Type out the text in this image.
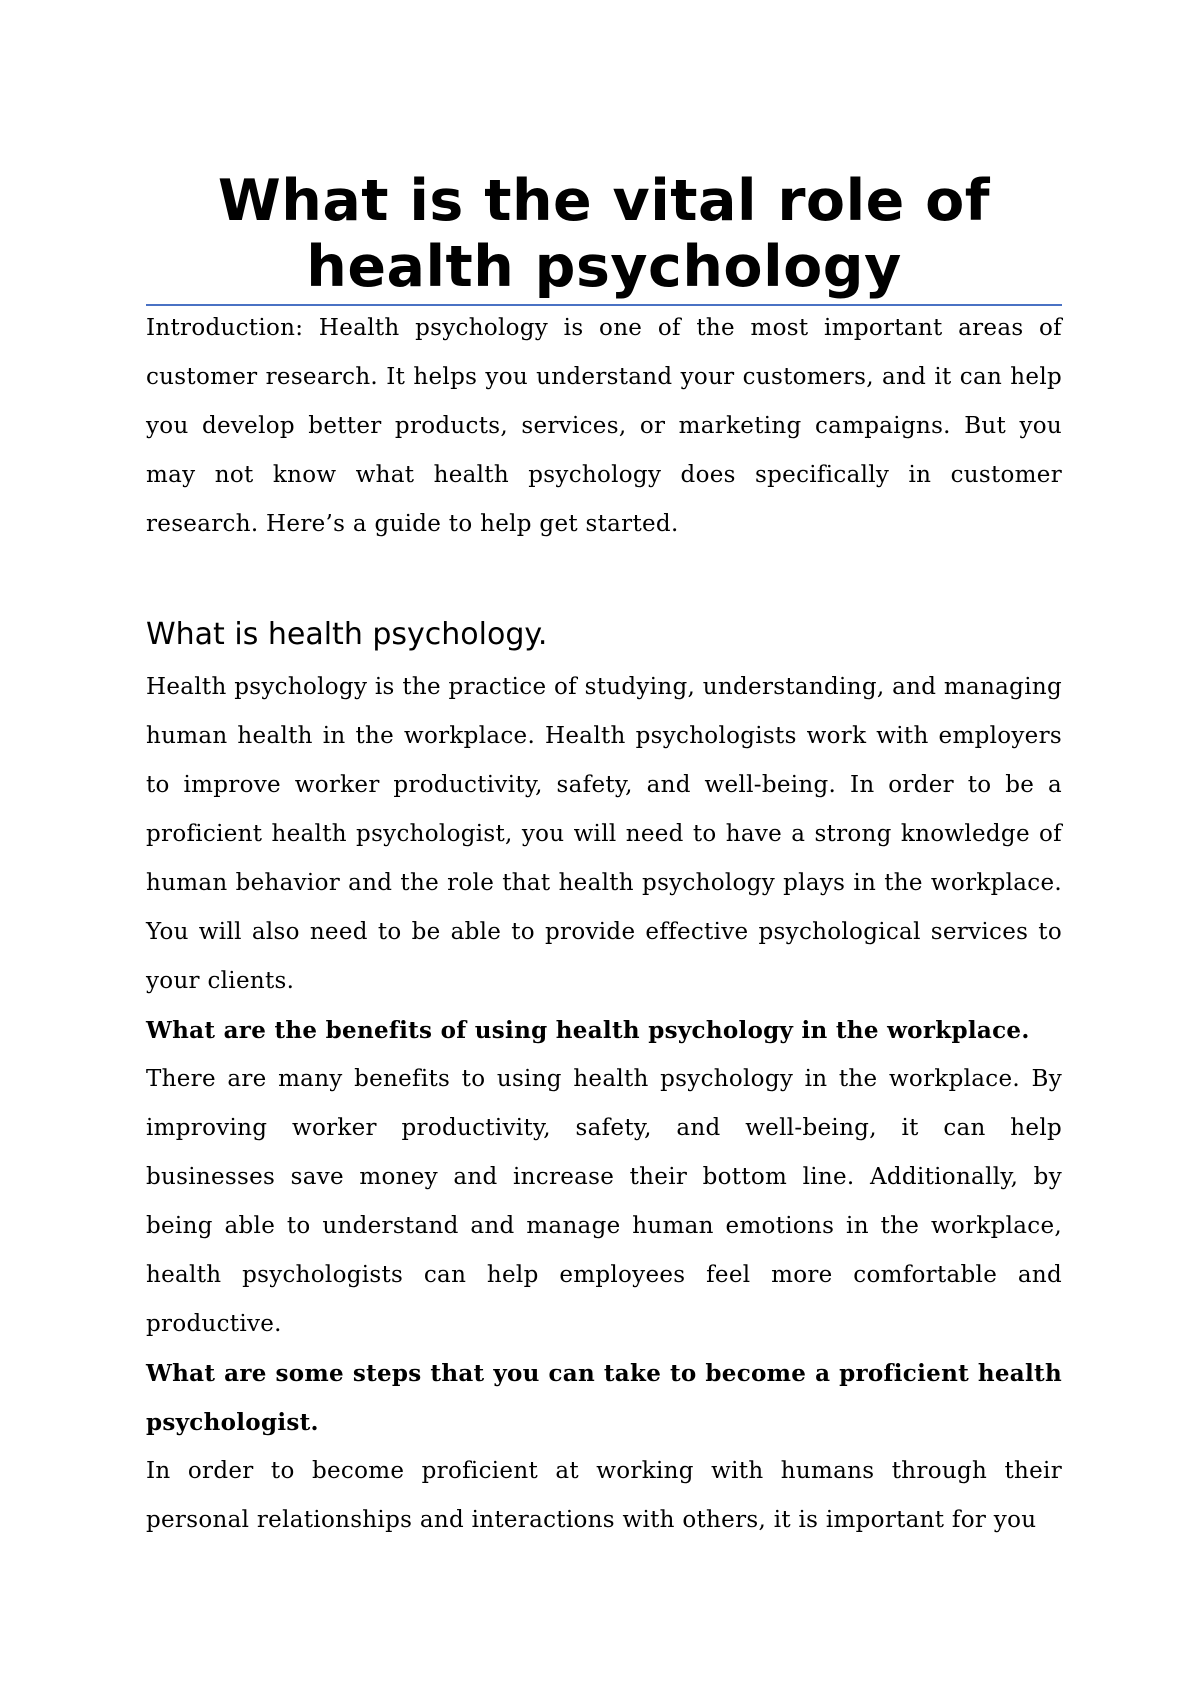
What is the vital role of health psychology

Introduction: Health psychology is one of the most important areas of customer research. It helps you understand your customers, and it can help you develop better products, services, or marketing campaigns. But you may not know what health psychology does specifically in customer research. Here’s a guide to help get started.

What is health psychology.

Health psychology is the practice of studying, understanding, and managing human health in the workplace. Health psychologists work with employers to improve worker productivity, safety, and well-being. In order to be a proficient health psychologist, you will need to have a strong knowledge of human behavior and the role that health psychology plays in the workplace. You will also need to be able to provide effective psychological services to your clients.

What are the benefits of using health psychology in the workplace.

There are many benefits to using health psychology in the workplace. By improving worker productivity, safety, and well-being, it can help businesses save money and increase their bottom line. Additionally, by being able to understand and manage human emotions in the workplace, health psychologists can help employees feel more comfortable and productive.

What are some steps that you can take to become a proficient health psychologist.

In order to become proficient at working with humans through their personal relationships and interactions with others, it is important for you
